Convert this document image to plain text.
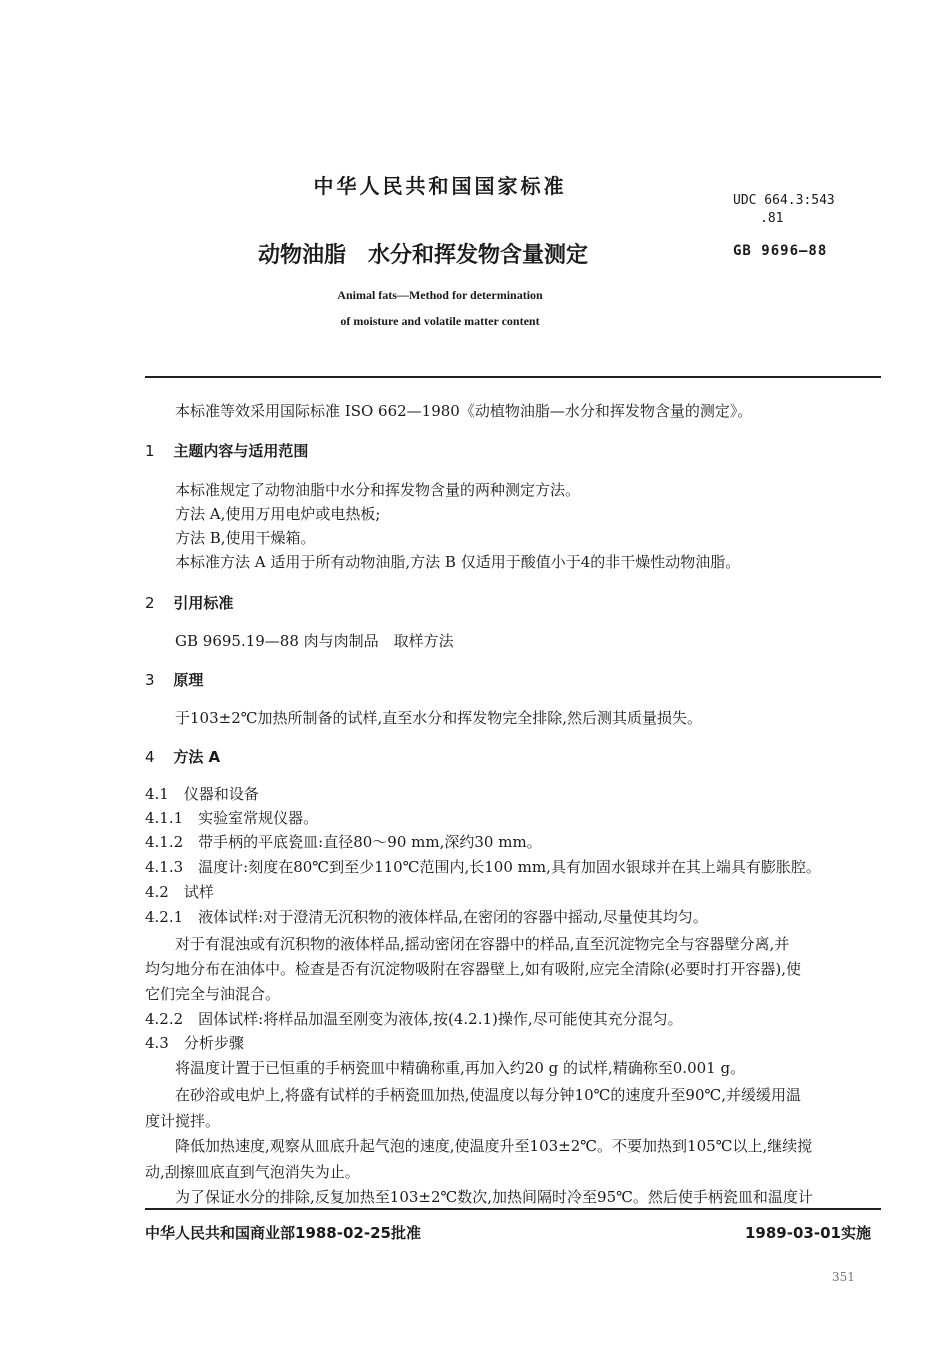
中华人民共和国国家标准
UDC 664.3:543
.81
动物油脂　水分和挥发物含量测定	GB 9696—88
Animal fats—Method for determination
of moisture and volatile matter content
本标准等效采用国际标准 ISO 662—1980《动植物油脂—水分和挥发物含量的测定》。
1 主题内容与适用范围
本标准规定了动物油脂中水分和挥发物含量的两种测定方法。
方法 A,使用万用电炉或电热板;
方法 B,使用干燥箱。
本标准方法 A 适用于所有动物油脂,方法 B 仅适用于酸值小于4的非干燥性动物油脂。
2 引用标准
GB 9695.19—88 肉与肉制品　取样方法
3 原理
于103±2℃加热所制备的试样,直至水分和挥发物完全排除,然后测其质量损失。
4 方法 A
4.1　仪器和设备
4.1.1　实验室常规仪器。
4.1.2　带手柄的平底瓷皿:直径80～90 mm,深约30 mm。
4.1.3　温度计:刻度在80℃到至少110℃范围内,长100 mm,具有加固水银球并在其上端具有膨胀腔。
4.2　试样
4.2.1　液体试样:对于澄清无沉积物的液体样品,在密闭的容器中摇动,尽量使其均匀。
对于有混浊或有沉积物的液体样品,摇动密闭在容器中的样品,直至沉淀物完全与容器壁分离,并
均匀地分布在油体中。检查是否有沉淀物吸附在容器壁上,如有吸附,应完全清除(必要时打开容器),使
它们完全与油混合。
4.2.2　固体试样:将样品加温至刚变为液体,按(4.2.1)操作,尽可能使其充分混匀。
4.3　分析步骤
将温度计置于已恒重的手柄瓷皿中精确称重,再加入约20 g 的试样,精确称至0.001 g。
在砂浴或电炉上,将盛有试样的手柄瓷皿加热,使温度以每分钟10℃的速度升至90℃,并缓缓用温
度计搅拌。
降低加热速度,观察从皿底升起气泡的速度,使温度升至103±2℃。不要加热到105℃以上,继续搅
动,刮擦皿底直到气泡消失为止。
为了保证水分的排除,反复加热至103±2℃数次,加热间隔时冷至95℃。然后使手柄瓷皿和温度计
中华人民共和国商业部1988-02-25批准	1989-03-01实施
351
